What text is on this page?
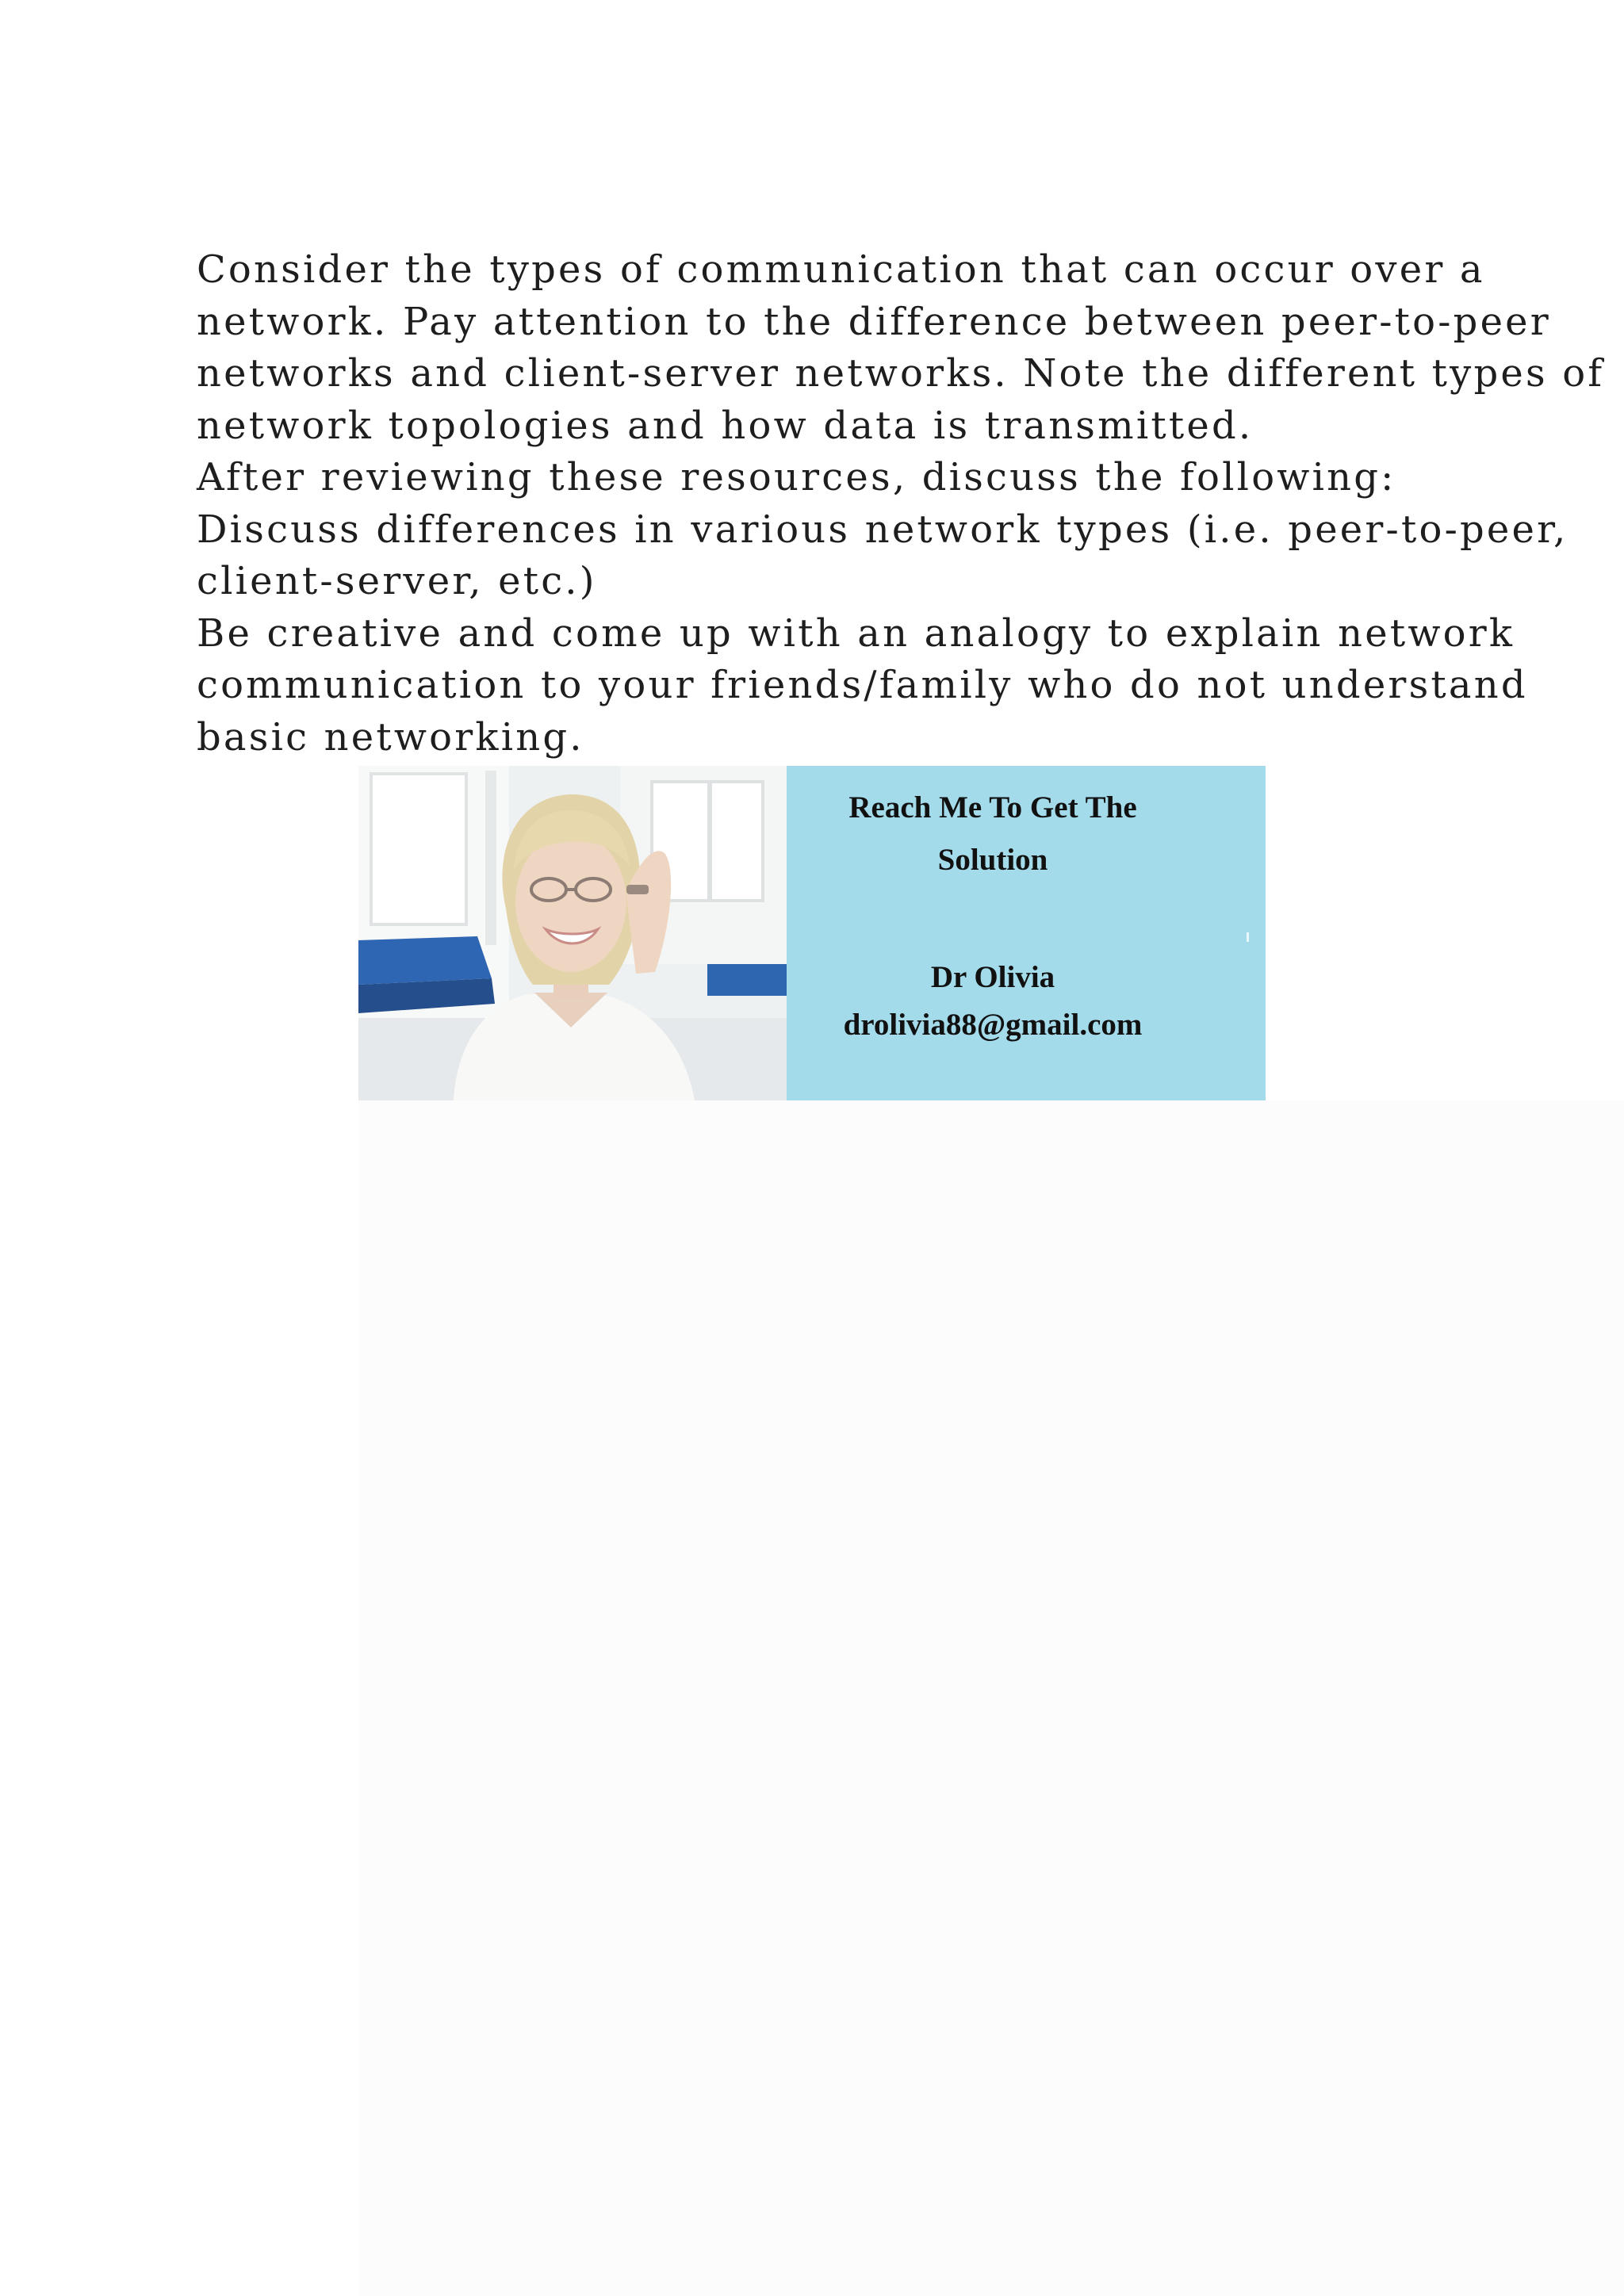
Consider the types of communication that can occur over a
network. Pay attention to the difference between peer-to-peer
networks and client-server networks. Note the different types of
network topologies and how data is transmitted.
After reviewing these resources, discuss the following:
Discuss differences in various network types (i.e. peer-to-peer,
client-server, etc.)
Be creative and come up with an analogy to explain network
communication to your friends/family who do not understand
basic networking.
Reach Me To Get The
Solution
Dr Olivia
drolivia88@gmail.com
